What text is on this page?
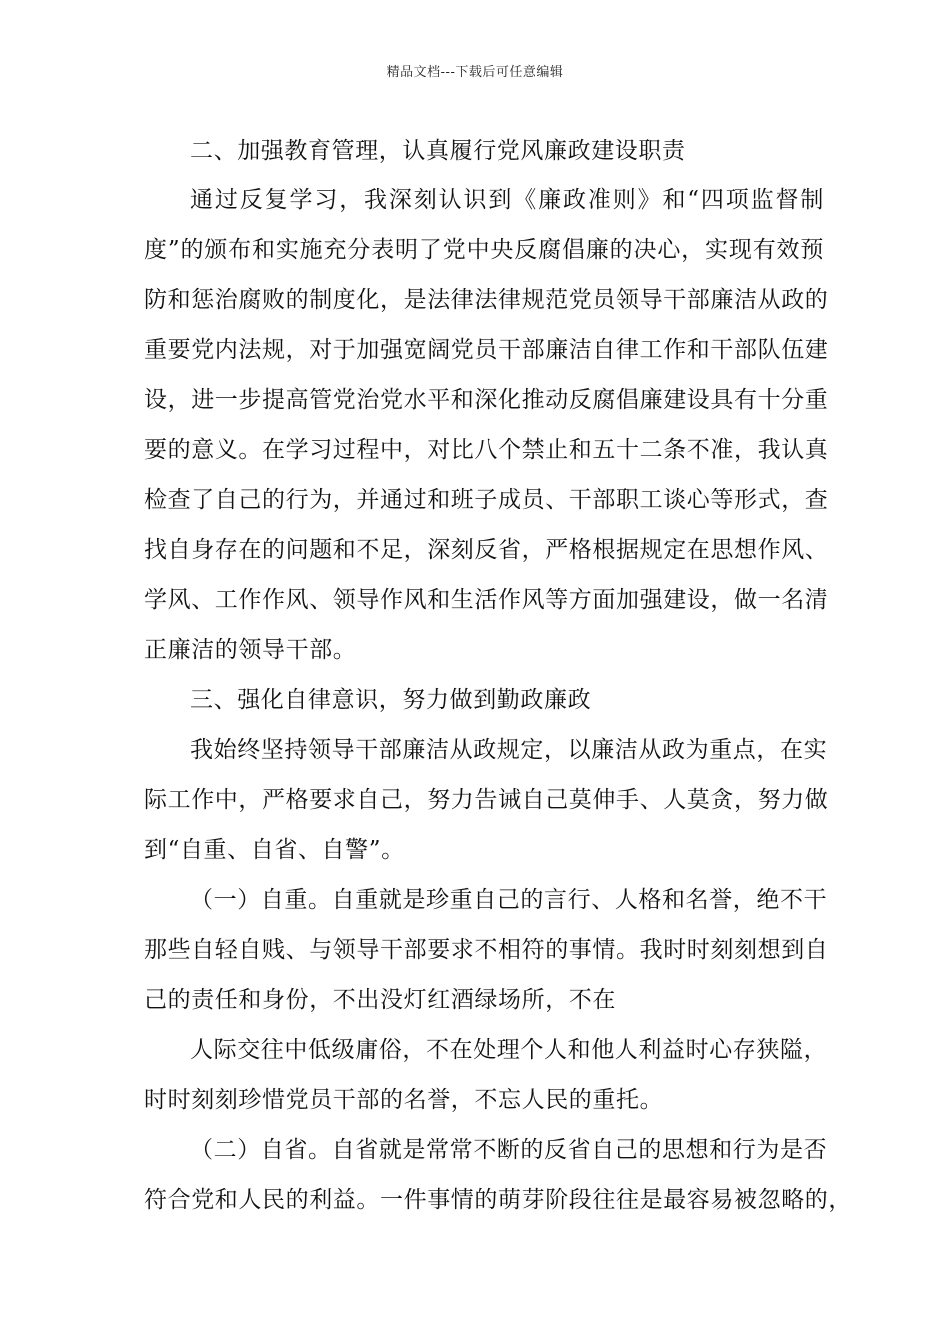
精品文档---下载后可任意编辑
二、加强教育管理，认真履行党风廉政建设职责
通过反复学习，我深刻认识到《廉政准则》和“四项监督制
度”的颁布和实施充分表明了党中央反腐倡廉的决心，实现有效预
防和惩治腐败的制度化，是法律法律规范党员领导干部廉洁从政的
重要党内法规，对于加强宽阔党员干部廉洁自律工作和干部队伍建
设，进一步提高管党治党水平和深化推动反腐倡廉建设具有十分重
要的意义。在学习过程中，对比八个禁止和五十二条不准，我认真
检查了自己的行为，并通过和班子成员、干部职工谈心等形式，查
找自身存在的问题和不足，深刻反省，严格根据规定在思想作风、
学风、工作作风、领导作风和生活作风等方面加强建设，做一名清
正廉洁的领导干部。
三、强化自律意识，努力做到勤政廉政
我始终坚持领导干部廉洁从政规定，以廉洁从政为重点，在实
际工作中，严格要求自己，努力告诫自己莫伸手、人莫贪，努力做
到“自重、自省、自警”。
（一）自重。自重就是珍重自己的言行、人格和名誉，绝不干
那些自轻自贱、与领导干部要求不相符的事情。我时时刻刻想到自
己的责任和身份，不出没灯红酒绿场所，不在
人际交往中低级庸俗，不在处理个人和他人利益时心存狭隘，
时时刻刻珍惜党员干部的名誉，不忘人民的重托。
（二）自省。自省就是常常不断的反省自己的思想和行为是否
符合党和人民的利益。一件事情的萌芽阶段往往是最容易被忽略的，
